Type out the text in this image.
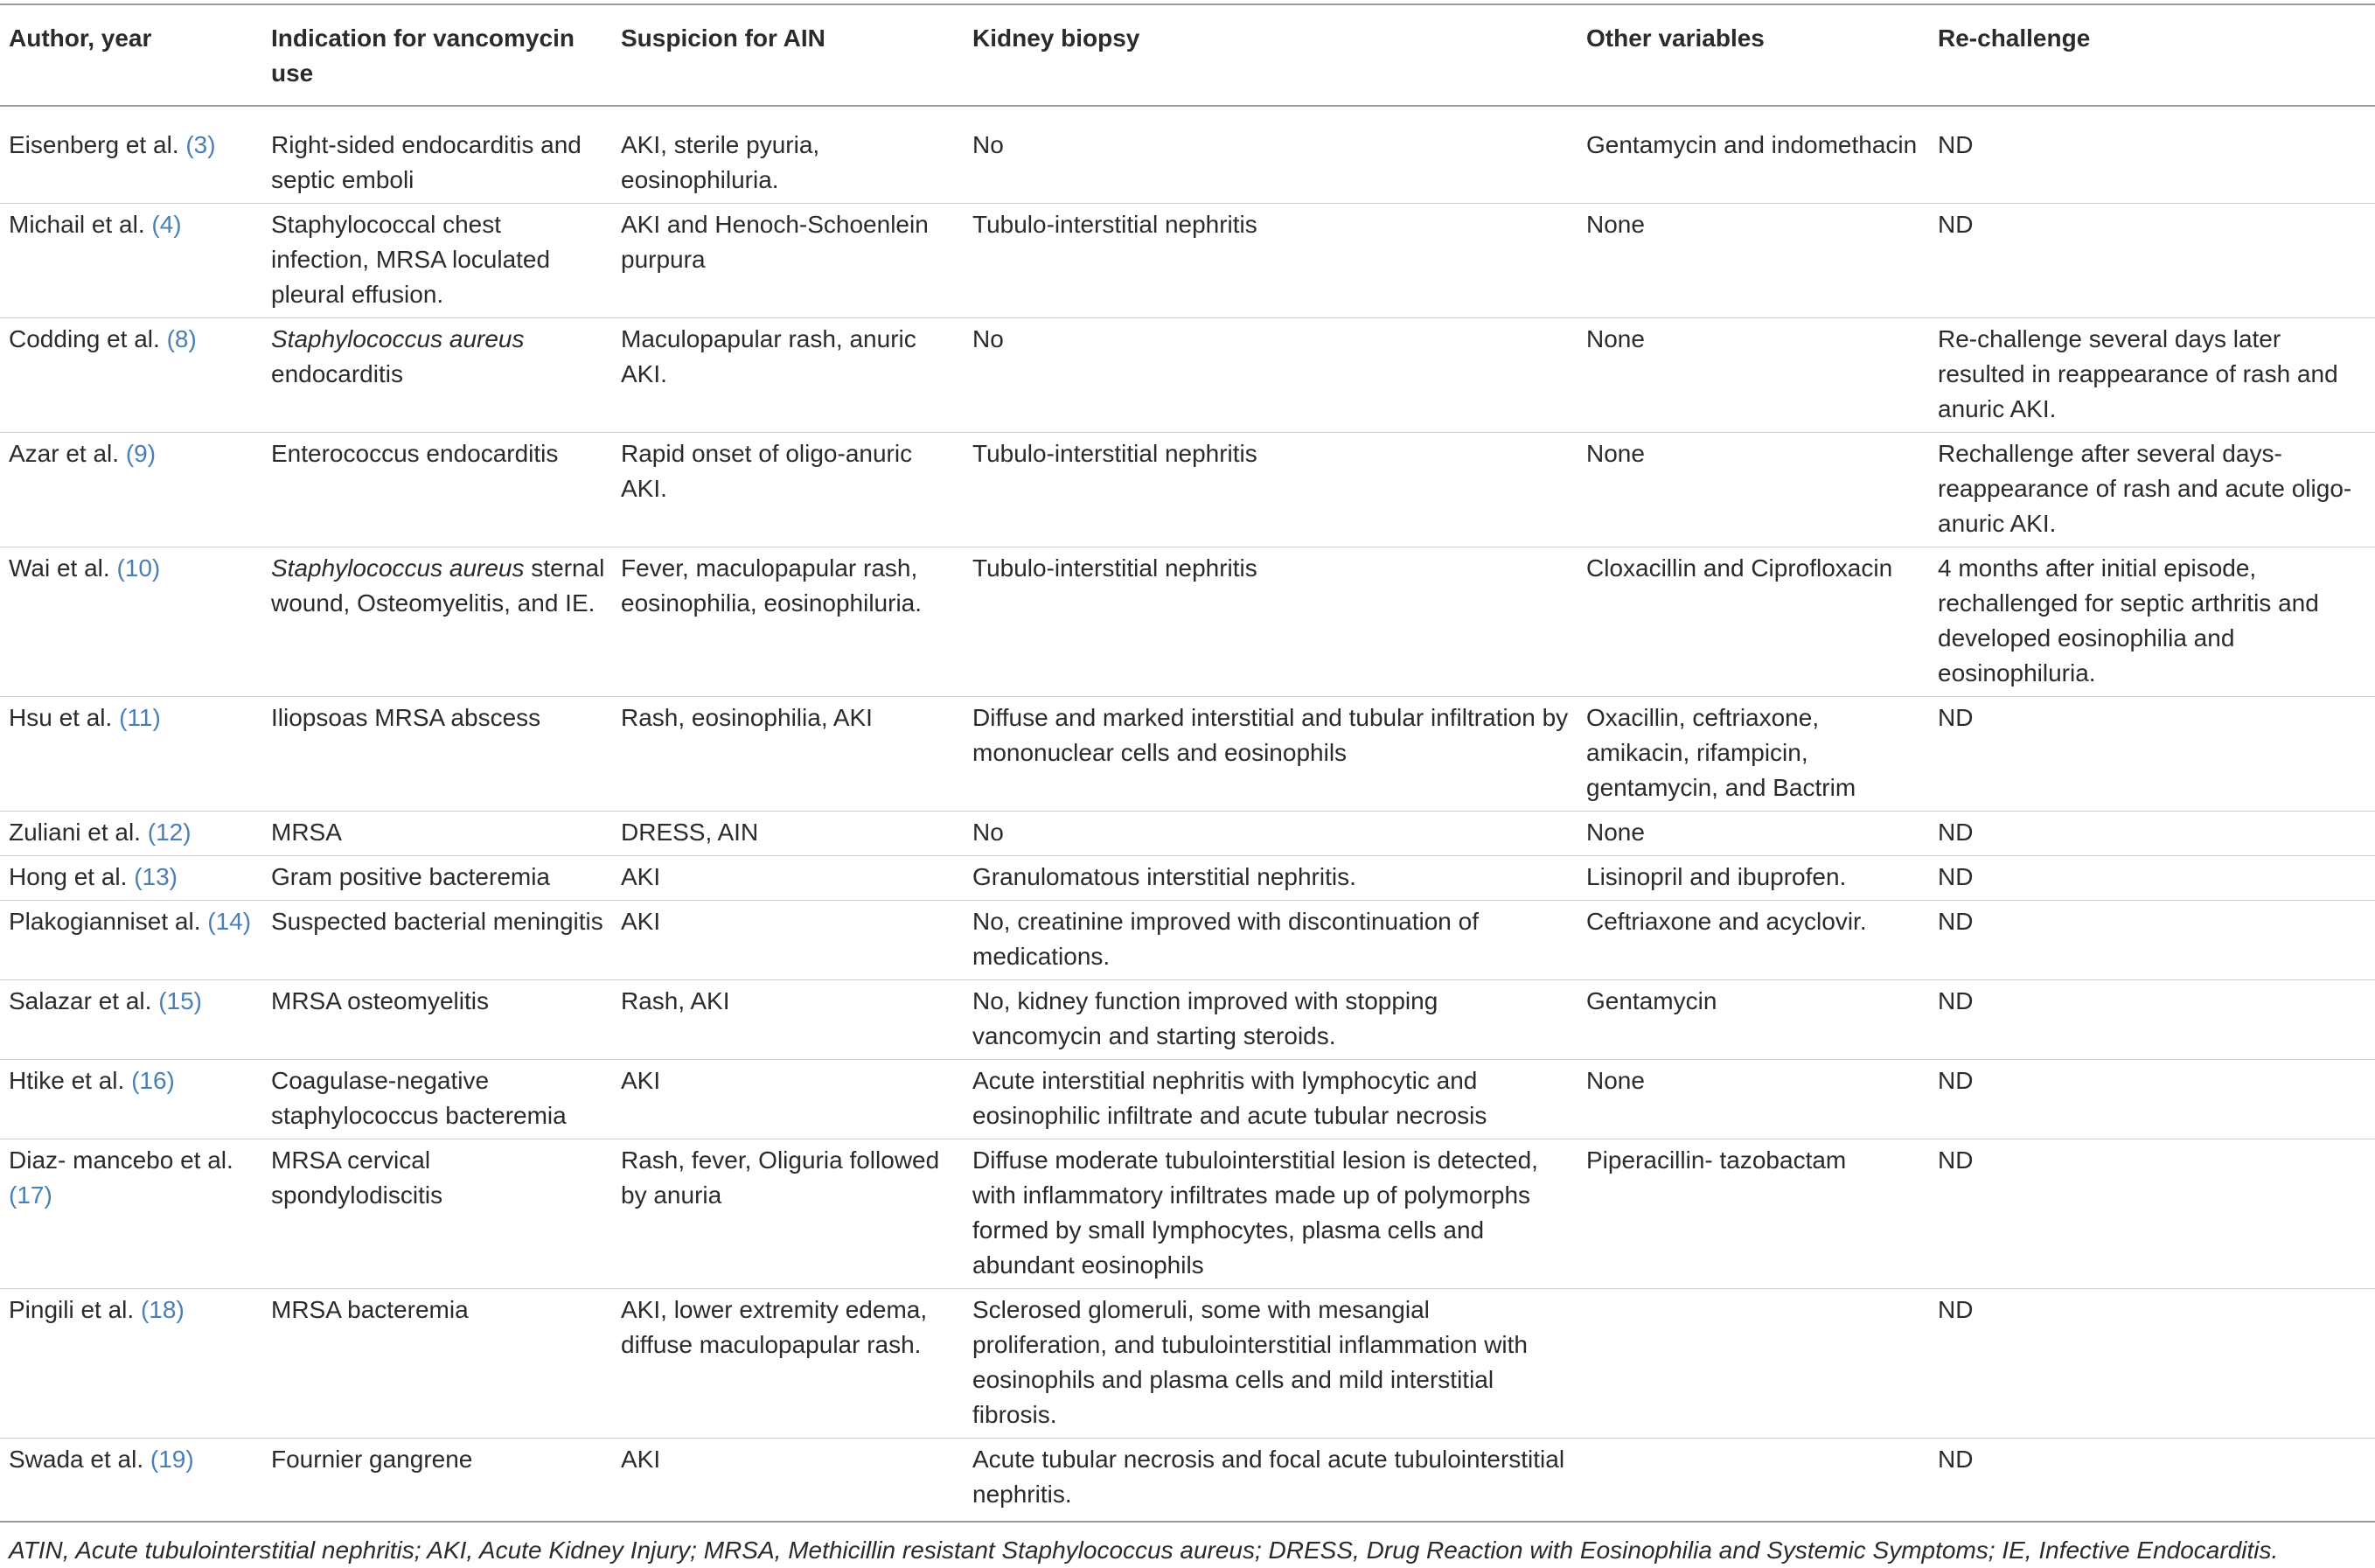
Author, year	Indication for vancomycin use	Suspicion for AIN	Kidney biopsy	Other variables	Re-challenge
Eisenberg et al. (3)	Right-sided endocarditis and septic emboli	AKI, sterile pyuria, eosinophiluria.	No	Gentamycin and indomethacin	ND
Michail et al. (4)	Staphylococcal chest infection, MRSA loculated pleural effusion.	AKI and Henoch-Schoenlein purpura	Tubulo-interstitial nephritis	None	ND
Codding et al. (8)	Staphylococcus aureus endocarditis	Maculopapular rash, anuric AKI.	No	None	Re-challenge several days later resulted in reappearance of rash and anuric AKI.
Azar et al. (9)	Enterococcus endocarditis	Rapid onset of oligo-anuric AKI.	Tubulo-interstitial nephritis	None	Rechallenge after several days- reappearance of rash and acute oligo-anuric AKI.
Wai et al. (10)	Staphylococcus aureus sternal wound, Osteomyelitis, and IE.	Fever, maculopapular rash, eosinophilia, eosinophiluria.	Tubulo-interstitial nephritis	Cloxacillin and Ciprofloxacin	4 months after initial episode, rechallenged for septic arthritis and developed eosinophilia and eosinophiluria.
Hsu et al. (11)	Iliopsoas MRSA abscess	Rash, eosinophilia, AKI	Diffuse and marked interstitial and tubular infiltration by mononuclear cells and eosinophils	Oxacillin, ceftriaxone, amikacin, rifampicin, gentamycin, and Bactrim	ND
Zuliani et al. (12)	MRSA	DRESS, AIN	No	None	ND
Hong et al. (13)	Gram positive bacteremia	AKI	Granulomatous interstitial nephritis.	Lisinopril and ibuprofen.	ND
Plakogianniset al. (14)	Suspected bacterial meningitis	AKI	No, creatinine improved with discontinuation of medications.	Ceftriaxone and acyclovir.	ND
Salazar et al. (15)	MRSA osteomyelitis	Rash, AKI	No, kidney function improved with stopping vancomycin and starting steroids.	Gentamycin	ND
Htike et al. (16)	Coagulase-negative staphylococcus bacteremia	AKI	Acute interstitial nephritis with lymphocytic and eosinophilic infiltrate and acute tubular necrosis	None	ND
Diaz- mancebo et al. (17)	MRSA cervical spondylodiscitis	Rash, fever, Oliguria followed by anuria	Diffuse moderate tubulointerstitial lesion is detected, with inflammatory infiltrates made up of polymorphs formed by small lymphocytes, plasma cells and abundant eosinophils	Piperacillin- tazobactam	ND
Pingili et al. (18)	MRSA bacteremia	AKI, lower extremity edema, diffuse maculopapular rash.	Sclerosed glomeruli, some with mesangial proliferation, and tubulointerstitial inflammation with eosinophils and plasma cells and mild interstitial fibrosis.		ND
Swada et al. (19)	Fournier gangrene	AKI	Acute tubular necrosis and focal acute tubulointerstitial nephritis.		ND
ATIN, Acute tubulointerstitial nephritis; AKI, Acute Kidney Injury; MRSA, Methicillin resistant Staphylococcus aureus; DRESS, Drug Reaction with Eosinophilia and Systemic Symptoms; IE, Infective Endocarditis.
